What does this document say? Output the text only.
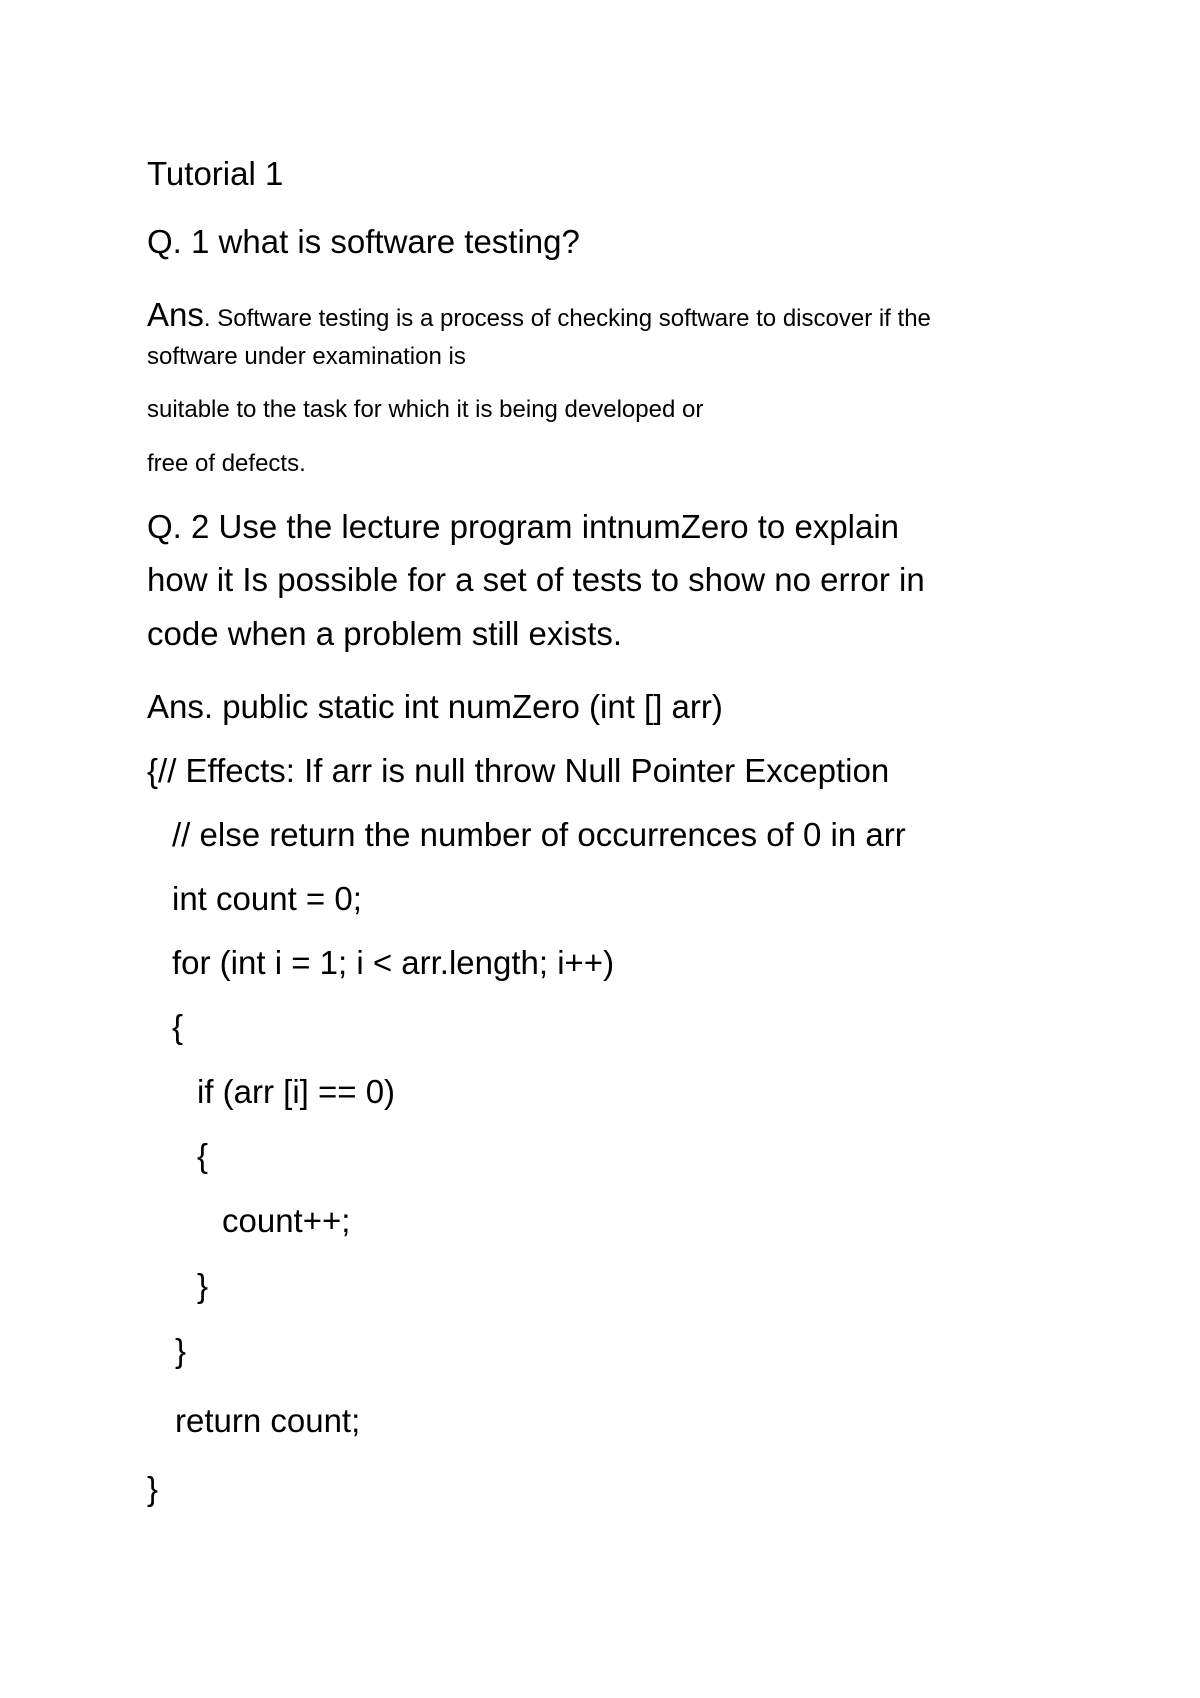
Tutorial 1
Q. 1 what is software testing?
Ans. Software testing is a process of checking software to discover if the
software under examination is
suitable to the task for which it is being developed or
free of defects.
Q. 2 Use the lecture program intnumZero to explain
how it Is possible for a set of tests to show no error in
code when a problem still exists.
Ans. public static int numZero (int [] arr)
{// Effects: If arr is null throw Null Pointer Exception
// else return the number of occurrences of 0 in arr
int count = 0;
for (int i = 1; i < arr.length; i++)
{
if (arr [i] == 0)
{
count++;
}
}
return count;
}
